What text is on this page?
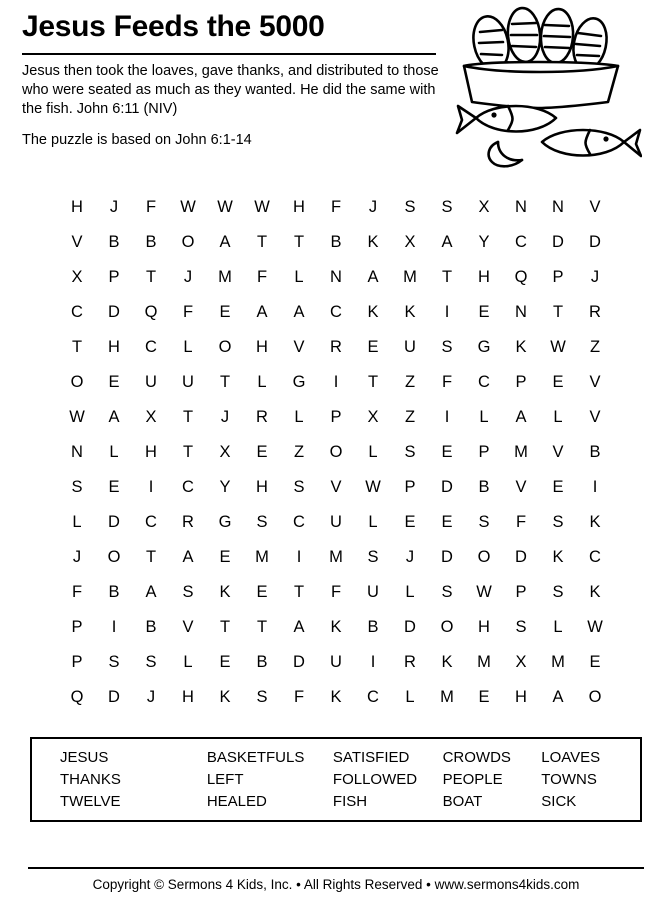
Jesus Feeds the 5000

Jesus then took the loaves, gave thanks, and distributed to those who were seated as much as they wanted. He did the same with the fish. John 6:11 (NIV)

The puzzle is based on John 6:1-14

H	J	F	W	W	W	H	F	J	S	S	X	N	N	V
V	B	B	O	A	T	T	B	K	X	A	Y	C	D	D
X	P	T	J	M	F	L	N	A	M	T	H	Q	P	J
C	D	Q	F	E	A	A	C	K	K	I	E	N	T	R
T	H	C	L	O	H	V	R	E	U	S	G	K	W	Z
O	E	U	U	T	L	G	I	T	Z	F	C	P	E	V
W	A	X	T	J	R	L	P	X	Z	I	L	A	L	V
N	L	H	T	X	E	Z	O	L	S	E	P	M	V	B
S	E	I	C	Y	H	S	V	W	P	D	B	V	E	I
L	D	C	R	G	S	C	U	L	E	E	S	F	S	K
J	O	T	A	E	M	I	M	S	J	D	O	D	K	C
F	B	A	S	K	E	T	F	U	L	S	W	P	S	K
P	I	B	V	T	T	A	K	B	D	O	H	S	L	W
P	S	S	L	E	B	D	U	I	R	K	M	X	M	E
Q	D	J	H	K	S	F	K	C	L	M	E	H	A	O
JESUS	BASKETFULS	SATISFIED	CROWDS	LOAVES
THANKS	LEFT	FOLLOWED	PEOPLE	TOWNS
TWELVE	HEALED	FISH	BOAT	SICK
Copyright © Sermons 4 Kids, Inc. • All Rights Reserved • www.sermons4kids.com
